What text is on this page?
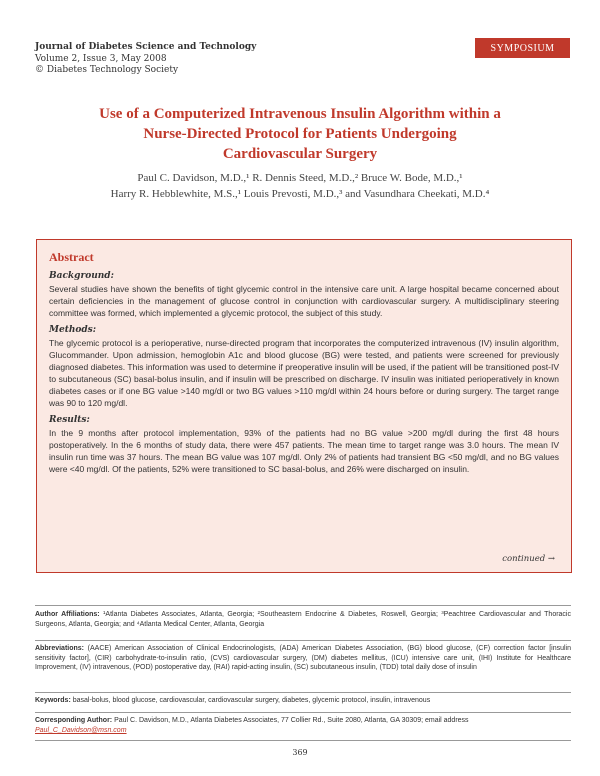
Journal of Diabetes Science and Technology
Volume 2, Issue 3, May 2008
© Diabetes Technology Society
SYMPOSIUM
Use of a Computerized Intravenous Insulin Algorithm within a
Nurse-Directed Protocol for Patients Undergoing
Cardiovascular Surgery
Paul C. Davidson, M.D.,¹ R. Dennis Steed, M.D.,² Bruce W. Bode, M.D.,¹
Harry R. Hebblewhite, M.S.,¹ Louis Prevosti, M.D.,³ and Vasundhara Cheekati, M.D.⁴
Abstract
Background:

Several studies have shown the benefits of tight glycemic control in the intensive care unit. A large hospital became concerned about certain deficiencies in the management of glucose control in conjunction with cardiovascular surgery. A multidisciplinary steering committee was formed, which implemented a glycemic protocol, the subject of this study.

Methods:

The glycemic protocol is a perioperative, nurse-directed program that incorporates the computerized intravenous (IV) insulin algorithm, Glucommander. Upon admission, hemoglobin A1c and blood glucose (BG) were tested, and patients were screened for previously diagnosed diabetes. This information was used to determine if preoperative insulin will be used, if the patient will be transitioned post-IV to subcutaneous (SC) basal-bolus insulin, and if insulin will be prescribed on discharge. IV insulin was initiated perioperatively in known diabetes cases or if one BG value >140 mg/dl or two BG values >110 mg/dl within 24 hours before or during surgery. The target range was 90 to 120 mg/dl.

Results:

In the 9 months after protocol implementation, 93% of the patients had no BG value >200 mg/dl during the first 48 hours postoperatively. In the 6 months of study data, there were 457 patients. The mean time to target range was 3.0 hours. The mean IV insulin run time was 37 hours. The mean BG value was 107 mg/dl. Only 2% of patients had transient BG <50 mg/dl, and no BG values were <40 mg/dl. Of the patients, 52% were transitioned to SC basal-bolus, and 26% were discharged on insulin.

continued →
Author Affiliations: ¹Atlanta Diabetes Associates, Atlanta, Georgia; ²Southeastern Endocrine & Diabetes, Roswell, Georgia; ³Peachtree Cardiovascular and Thoracic Surgeons, Atlanta, Georgia; and ⁴Atlanta Medical Center, Atlanta, Georgia
Abbreviations: (AACE) American Association of Clinical Endocrinologists, (ADA) American Diabetes Association, (BG) blood glucose, (CF) correction factor [insulin sensitivity factor], (CIR) carbohydrate-to-insulin ratio, (CVS) cardiovascular surgery, (DM) diabetes mellitus, (ICU) intensive care unit, (IHI) Institute for Healthcare Improvement, (IV) intravenous, (POD) postoperative day, (RAI) rapid-acting insulin, (SC) subcutaneous insulin, (TDD) total daily dose of insulin
Keywords: basal-bolus, blood glucose, cardiovascular, cardiovascular surgery, diabetes, glycemic protocol, insulin, intravenous
Corresponding Author: Paul C. Davidson, M.D., Atlanta Diabetes Associates, 77 Collier Rd., Suite 2080, Atlanta, GA 30309; email address
Paul_C_Davidson@msn.com
369
